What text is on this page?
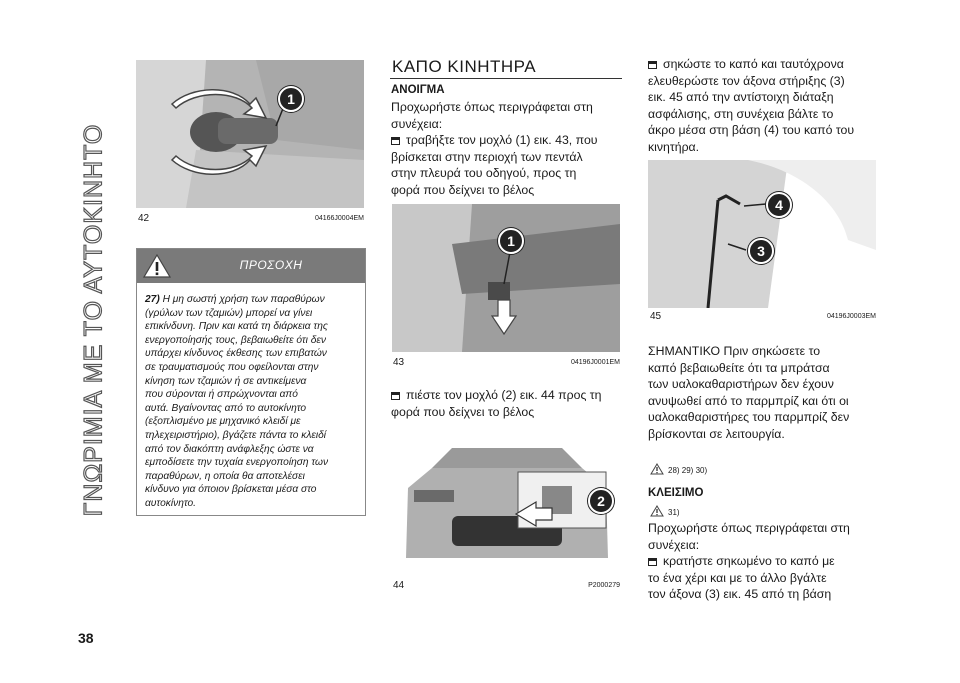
ΓΝΩΡΙΜΙΑ ΜΕ ΤΟ ΑΥΤΟΚΙΝΗΤΟ
38
1
42	04166J0004EM
ΠΡΟΣΟΧΗ
27) Η μη σωστή χρήση των παραθύρων
(γρύλων των τζαμιών) μπορεί να γίνει
επικίνδυνη. Πριν και κατά τη διάρκεια της
ενεργοποίησής τους, βεβαιωθείτε ότι δεν
υπάρχει κίνδυνος έκθεσης των επιβατών
σε τραυματισμούς που οφείλονται στην
κίνηση των τζαμιών ή σε αντικείμενα
που σύρονται ή σπρώχνονται από
αυτά. Βγαίνοντας από το αυτοκίνητο
(εξοπλισμένο με μηχανικό κλειδί με
τηλεχειριστήριο), βγάζετε πάντα το κλειδί
από τον διακόπτη ανάφλεξης ώστε να
εμποδίσετε την τυχαία ενεργοποίηση των
παραθύρων, η οποία θα αποτελέσει
κίνδυνο για όποιον βρίσκεται μέσα στο
αυτοκίνητο.
ΚΑΠΟ ΚΙΝΗΤΗΡΑ
ΑΝΟΙΓΜΑ
Προχωρήστε όπως περιγράφεται στη
συνέχεια:
τραβήξτε τον μοχλό (1) εικ. 43, που
βρίσκεται στην περιοχή των πεντάλ
στην πλευρά του οδηγού, προς τη
φορά που δείχνει το βέλος
1
43	04196J0001EM
πιέστε τον μοχλό (2) εικ. 44 προς τη
φορά που δείχνει το βέλος
2
44	P2000279
σηκώστε το καπό και ταυτόχρονα
ελευθερώστε τον άξονα στήριξης (3)
εικ. 45 από την αντίστοιχη διάταξη
ασφάλισης, στη συνέχεια βάλτε το
άκρο μέσα στη βάση (4) του καπό του
κινητήρα.
4
3
45	04196J0003EM
ΣΗΜΑΝΤΙΚΟ Πριν σηκώσετε το
καπό βεβαιωθείτε ότι τα μπράτσα
των υαλοκαθαριστήρων δεν έχουν
ανυψωθεί από το παρμπρίζ και ότι οι
υαλοκαθαριστήρες του παρμπρίζ δεν
βρίσκονται σε λειτουργία.
28) 29) 30)
ΚΛΕΙΣΙΜΟ
31)
Προχωρήστε όπως περιγράφεται στη
συνέχεια:
κρατήστε σηκωμένο το καπό με
το ένα χέρι και με το άλλο βγάλτε
τον άξονα (3) εικ. 45 από τη βάση
